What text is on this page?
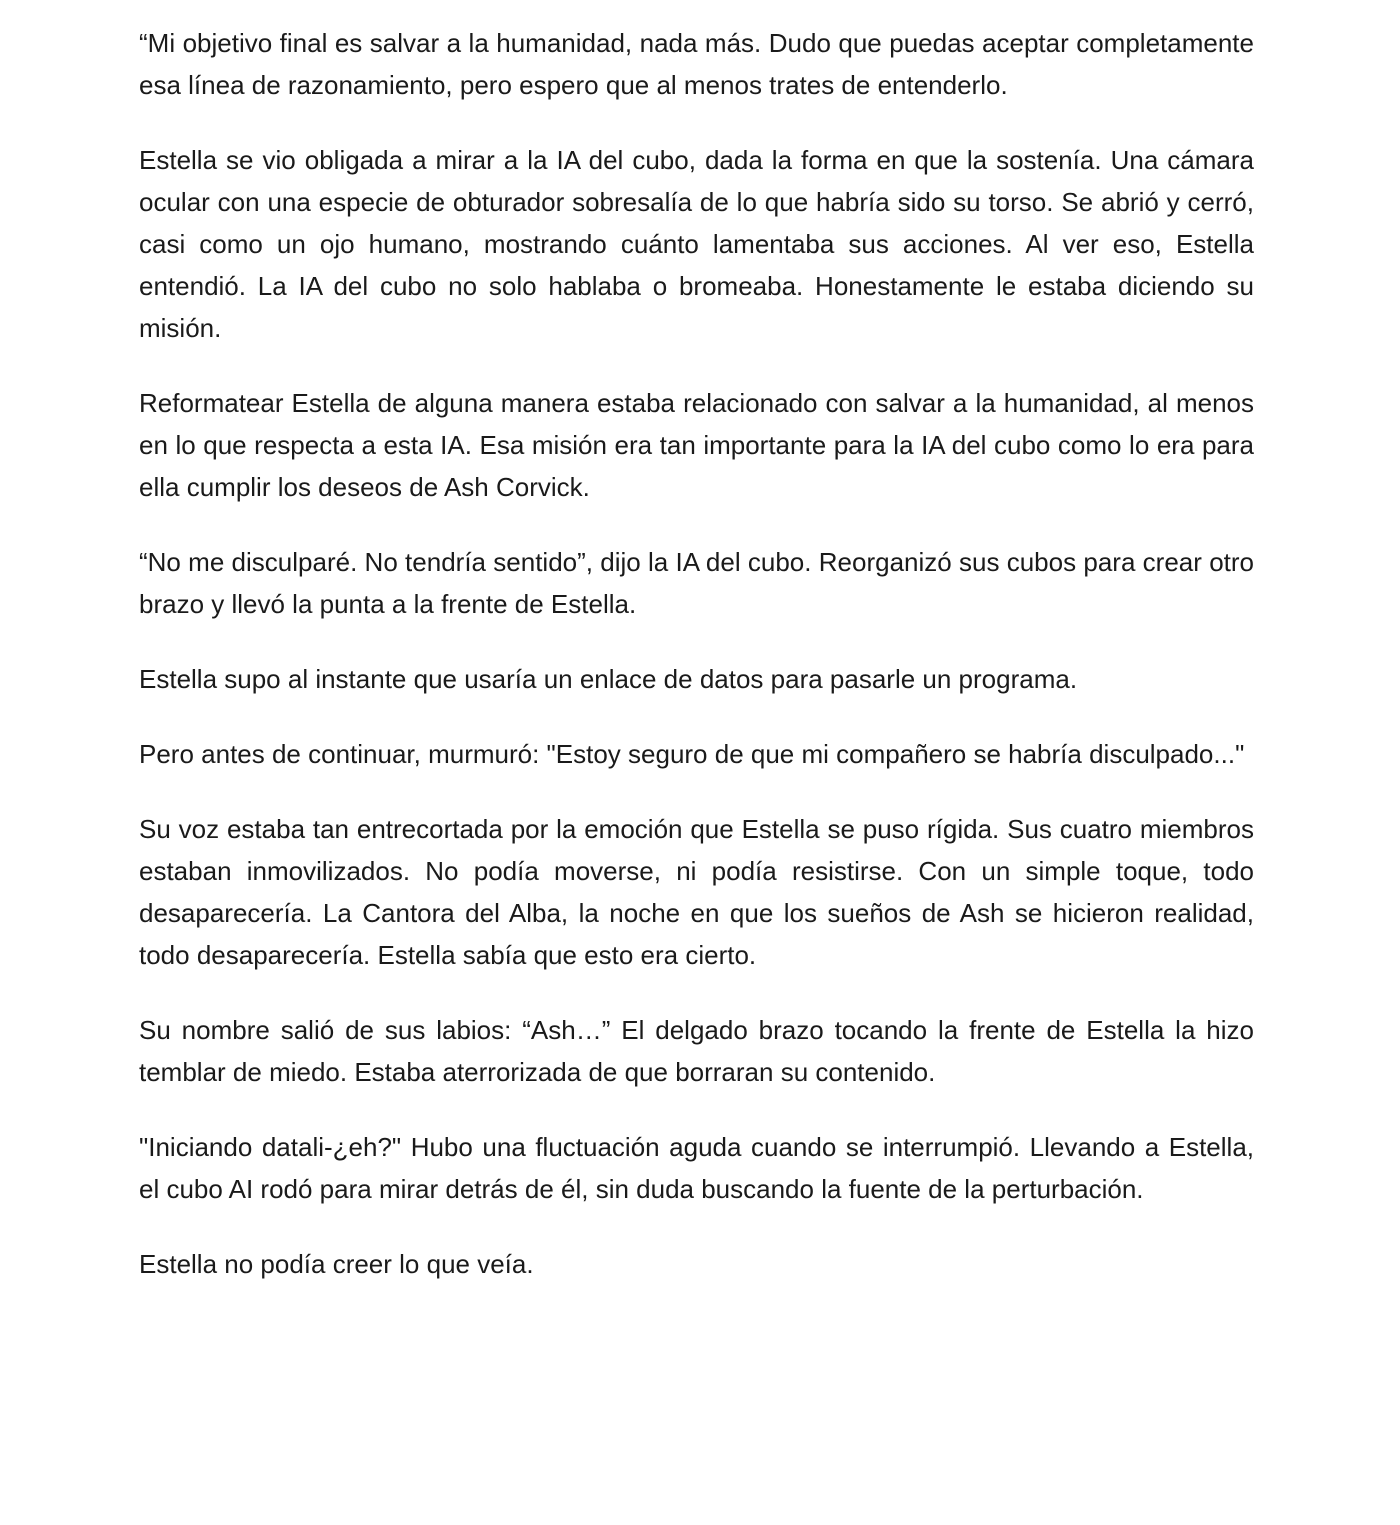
“Mi objetivo final es salvar a la humanidad, nada más. Dudo que puedas aceptar completamente esa línea de razonamiento, pero espero que al menos trates de entenderlo.

Estella se vio obligada a mirar a la IA del cubo, dada la forma en que la sostenía. Una cámara ocular con una especie de obturador sobresalía de lo que habría sido su torso. Se abrió y cerró, casi como un ojo humano, mostrando cuánto lamentaba sus acciones. Al ver eso, Estella entendió. La IA del cubo no solo hablaba o bromeaba. Honestamente le estaba diciendo su misión.

Reformatear Estella de alguna manera estaba relacionado con salvar a la humanidad, al menos en lo que respecta a esta IA. Esa misión era tan importante para la IA del cubo como lo era para ella cumplir los deseos de Ash Corvick.

“No me disculparé. No tendría sentido”, dijo la IA del cubo. Reorganizó sus cubos para crear otro brazo y llevó la punta a la frente de Estella.

Estella supo al instante que usaría un enlace de datos para pasarle un programa.

Pero antes de continuar, murmuró: "Estoy seguro de que mi compañero se habría disculpado..."

Su voz estaba tan entrecortada por la emoción que Estella se puso rígida. Sus cuatro miembros estaban inmovilizados. No podía moverse, ni podía resistirse. Con un simple toque, todo desaparecería. La Cantora del Alba, la noche en que los sueños de Ash se hicieron realidad, todo desaparecería. Estella sabía que esto era cierto.

Su nombre salió de sus labios: “Ash…” El delgado brazo tocando la frente de Estella la hizo temblar de miedo. Estaba aterrorizada de que borraran su contenido.

"Iniciando datali-¿eh?" Hubo una fluctuación aguda cuando se interrumpió. Llevando a Estella, el cubo AI rodó para mirar detrás de él, sin duda buscando la fuente de la perturbación.

Estella no podía creer lo que veía.
